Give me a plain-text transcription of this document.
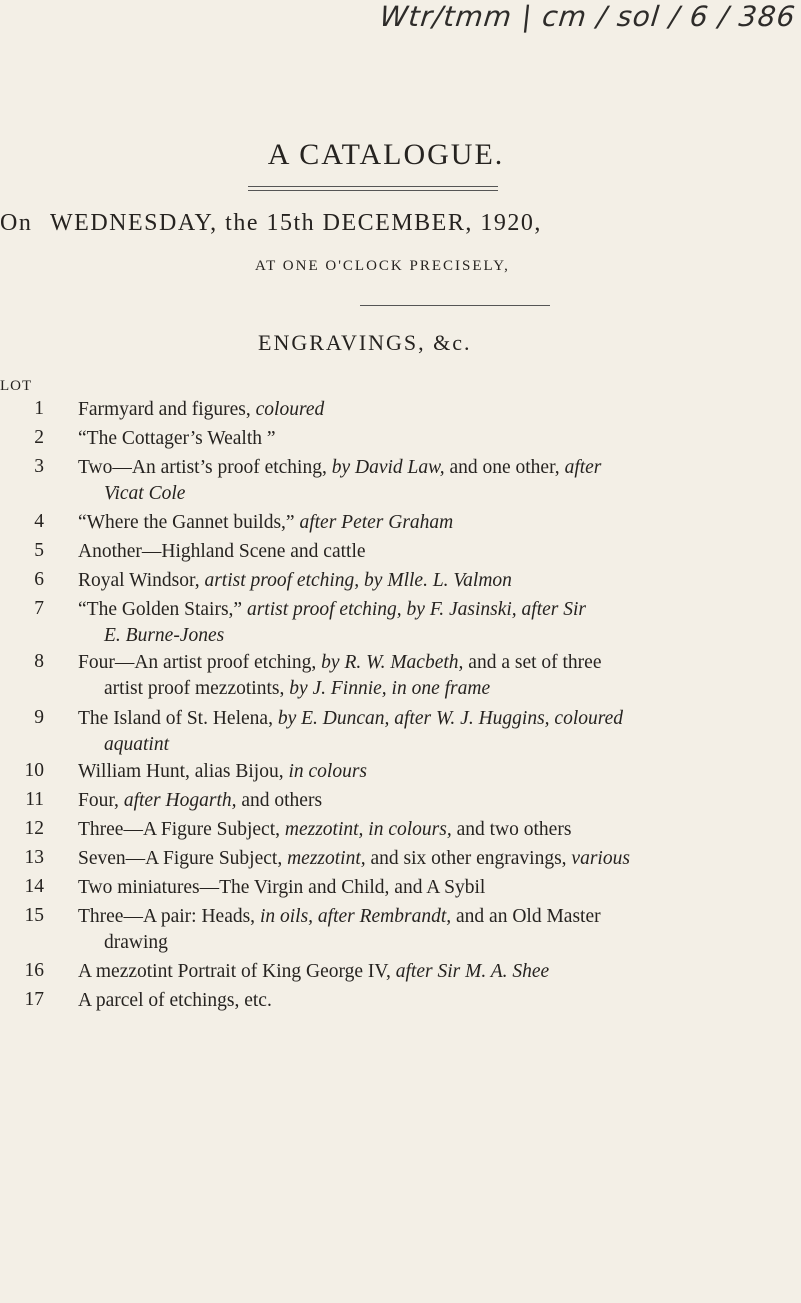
Wtr/tmm | cm / sol / 6 / 386
A CATALOGUE.
On WEDNESDAY, the 15th DECEMBER, 1920,
AT ONE O'CLOCK PRECISELY,
ENGRAVINGS, &c.
LOT
1 Farmyard and figures, coloured
2 “The Cottager’s Wealth ”
3 Two—An artist’s proof etching, by David Law, and one other, after
Vicat Cole
4 “Where the Gannet builds,” after Peter Graham
5 Another—Highland Scene and cattle
6 Royal Windsor, artist proof etching, by Mlle. L. Valmon
7 “The Golden Stairs,” artist proof etching, by F. Jasinski, after Sir
E. Burne-Jones
8 Four—An artist proof etching, by R. W. Macbeth, and a set of three
artist proof mezzotints, by J. Finnie, in one frame
9 The Island of St. Helena, by E. Duncan, after W. J. Huggins, coloured
aquatint
10 William Hunt, alias Bijou, in colours
11 Four, after Hogarth, and others
12 Three—A Figure Subject, mezzotint, in colours, and two others
13 Seven—A Figure Subject, mezzotint, and six other engravings, various
14 Two miniatures—The Virgin and Child, and A Sybil
15 Three—A pair: Heads, in oils, after Rembrandt, and an Old Master
drawing
16 A mezzotint Portrait of King George IV, after Sir M. A. Shee
17 A parcel of etchings, etc.
